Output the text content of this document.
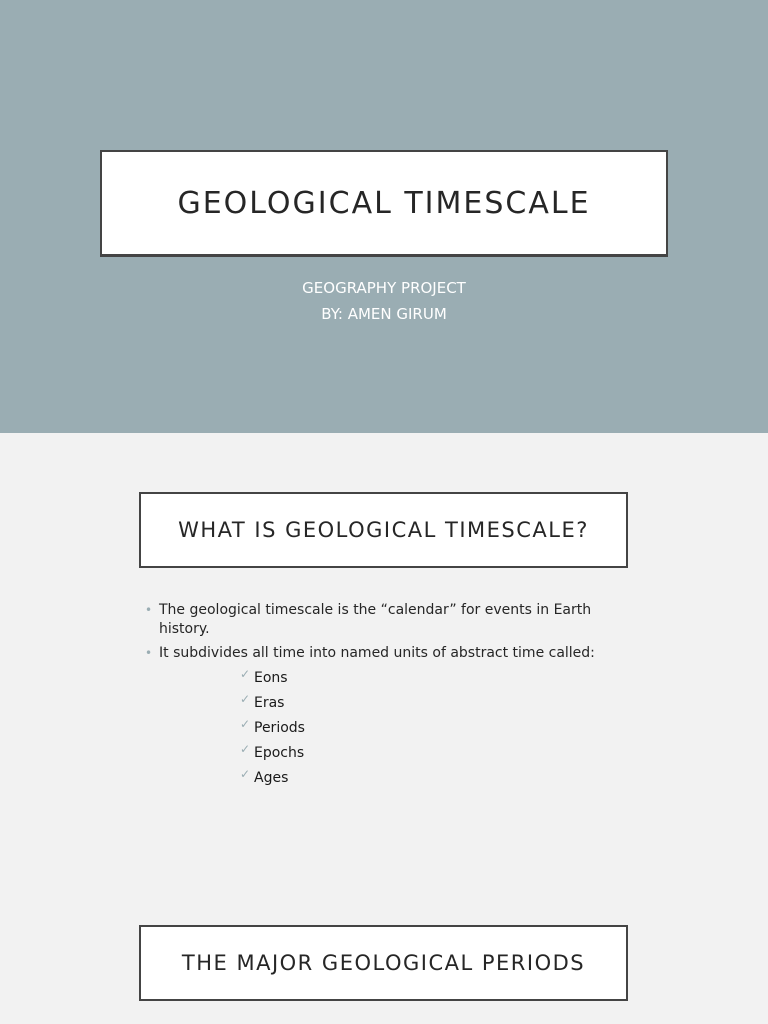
GEOLOGICAL TIMESCALE
GEOGRAPHY PROJECT
BY: AMEN GIRUM
WHAT IS GEOLOGICAL TIMESCALE?
• The geological timescale is the “calendar” for events in Earth history.
• It subdivides all time into named units of abstract time called:
✓ Eons
✓ Eras
✓ Periods
✓ Epochs
✓ Ages
THE MAJOR GEOLOGICAL PERIODS
